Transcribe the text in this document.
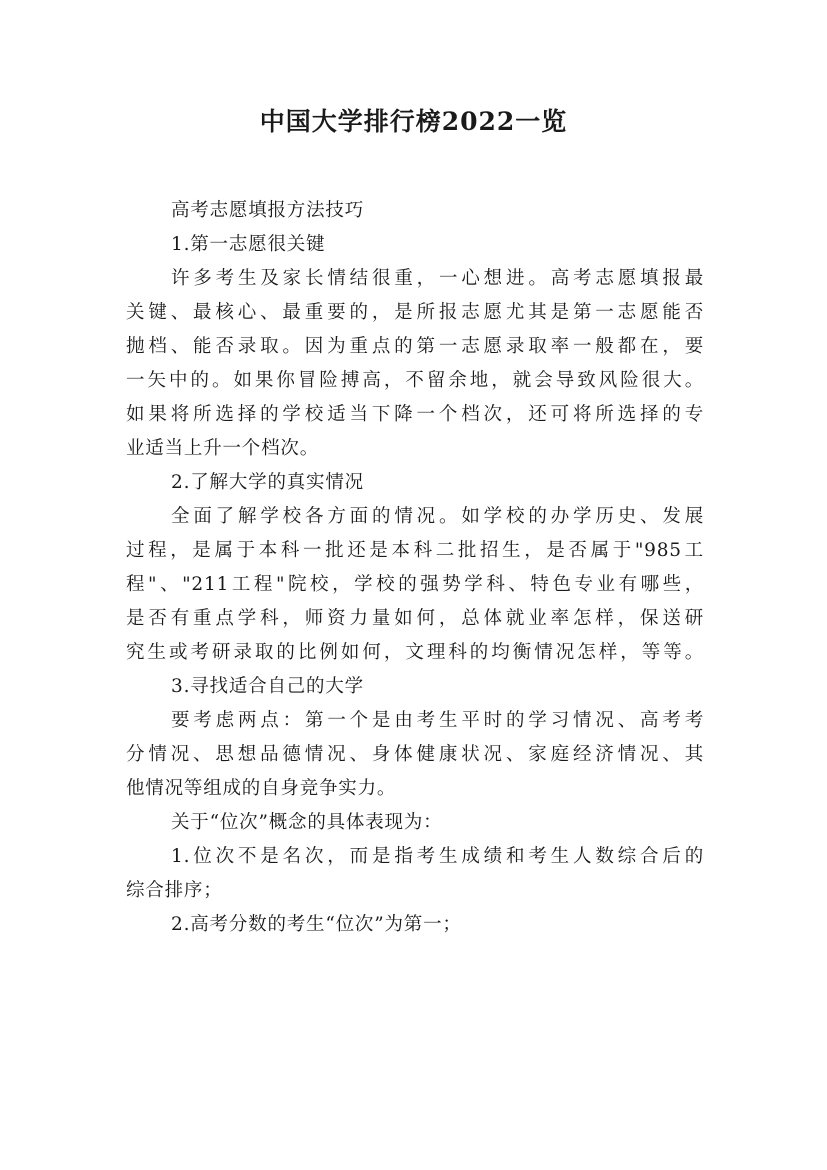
中国大学排行榜2022一览
高考志愿填报方法技巧
1.第一志愿很关键
许多考生及家长情结很重，一心想进。高考志愿填报最
关键、最核心、最重要的，是所报志愿尤其是第一志愿能否
抛档、能否录取。因为重点的第一志愿录取率一般都在，要
一矢中的。如果你冒险搏高，不留余地，就会导致风险很大。
如果将所选择的学校适当下降一个档次，还可将所选择的专
业适当上升一个档次。
2.了解大学的真实情况
全面了解学校各方面的情况。如学校的办学历史、发展
过程，是属于本科一批还是本科二批招生，是否属于"985工
程"、"211工程"院校，学校的强势学科、特色专业有哪些，
是否有重点学科，师资力量如何，总体就业率怎样，保送研
究生或考研录取的比例如何，文理科的均衡情况怎样，等等。
3.寻找适合自己的大学
要考虑两点：第一个是由考生平时的学习情况、高考考
分情况、思想品德情况、身体健康状况、家庭经济情况、其
他情况等组成的自身竞争实力。
关于“位次”概念的具体表现为：
1.位次不是名次，而是指考生成绩和考生人数综合后的
综合排序；
2.高考分数的考生“位次”为第一；
